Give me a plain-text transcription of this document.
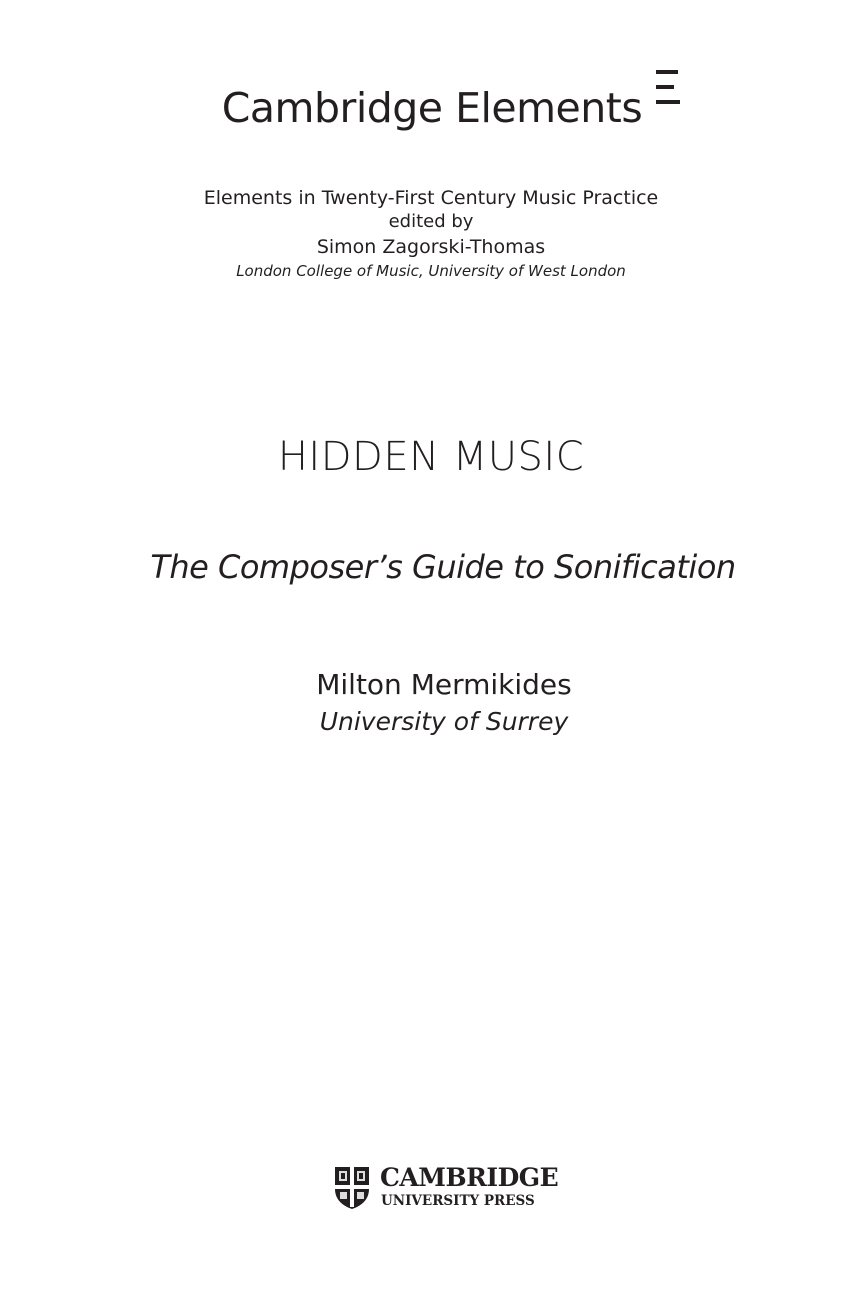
Cambridge Elements
Elements in Twenty-First Century Music Practice
edited by
Simon Zagorski-Thomas
London College of Music, University of West London
HIDDEN MUSIC
The Composer’s Guide to Sonification
Milton Mermikides
University of Surrey
CAMBRIDGE
UNIVERSITY PRESS
